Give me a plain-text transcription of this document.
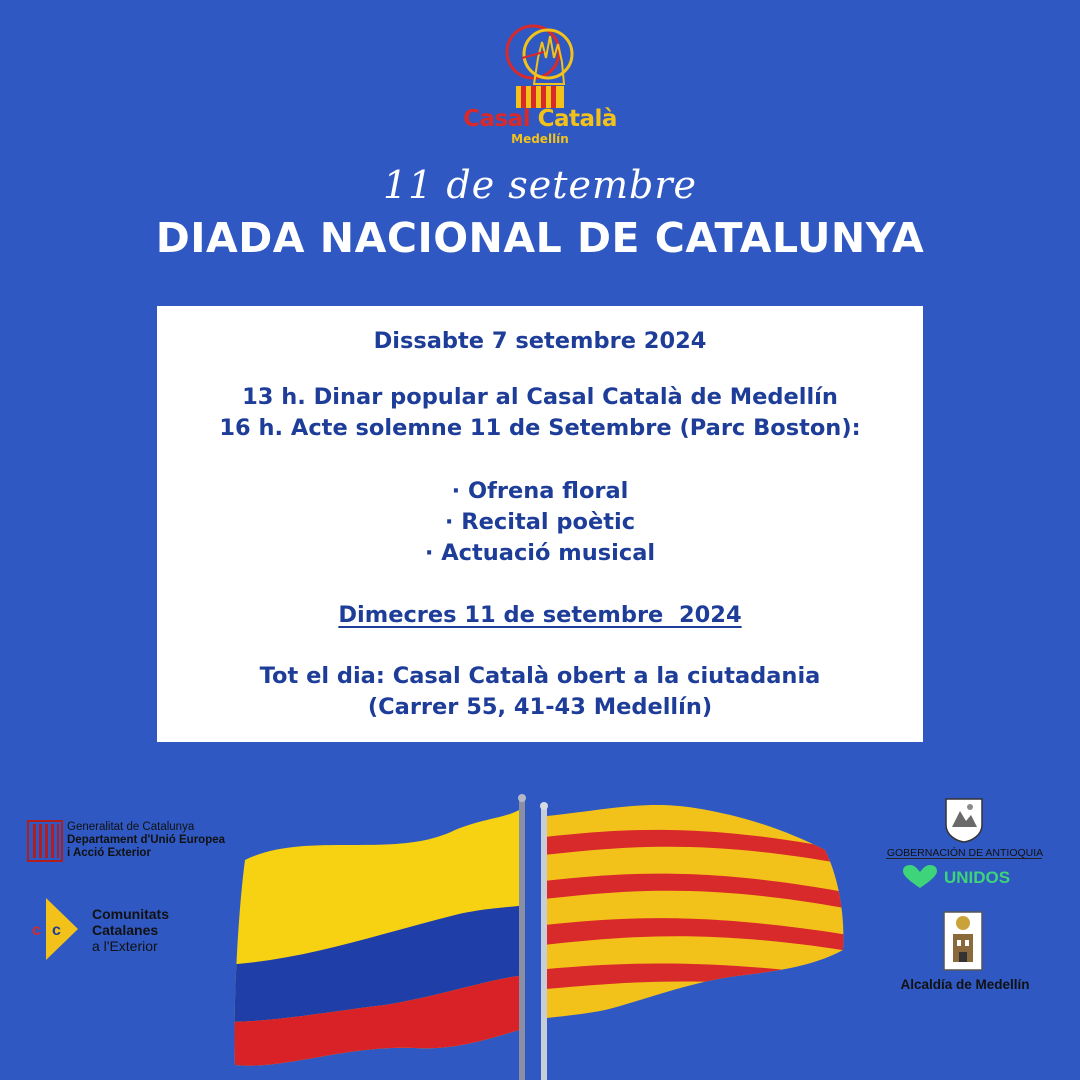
Casal Català
Medellín
11 de setembre
DIADA NACIONAL DE CATALUNYA
Dissabte 7 setembre 2024
13 h. Dinar popular al Casal Català de Medellín
16 h. Acte solemne 11 de Setembre (Parc Boston):
· Ofrena floral
· Recital poètic
· Actuació musical
Dimecres 11 de setembre  2024
Tot el dia: Casal Català obert a la ciutadania
(Carrer 55, 41-43 Medellín)
Generalitat de Catalunya
Departament d'Unió Europea
i Acció Exterior
c c
Comunitats
Catalanes
a l'Exterior
GOBERNACIÓN DE ANTIOQUIA
UNIDOS
Alcaldía de Medellín
